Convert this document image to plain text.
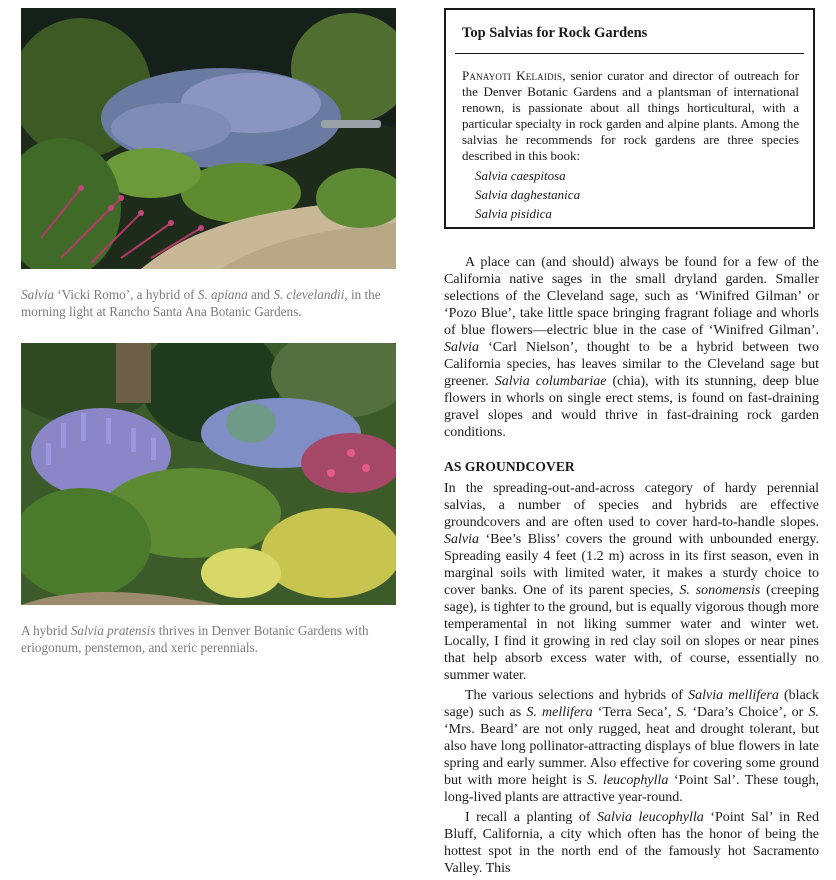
Salvia ‘Vicki Romo’, a hybrid of S. apiana and S. clevelandii, in the morning light at Rancho Santa Ana Botanic Gardens.
A hybrid Salvia pratensis thrives in Denver Botanic Gardens with eriogonum, penstemon, and xeric perennials.
Top Salvias for Rock Gardens
Panayoti Kelaidis, senior curator and director of outreach for the Denver Botanic Gardens and a plantsman of international renown, is passionate about all things horticultural, with a particular specialty in rock garden and alpine plants. Among the salvias he recommends for rock gardens are three species described in this book:
Salvia caespitosa
Salvia daghestanica
Salvia pisidica

A place can (and should) always be found for a few of the California native sages in the small dryland garden. Smaller selections of the Cleveland sage, such as ‘Winifred Gilman’ or ‘Pozo Blue’, take little space bringing fragrant foliage and whorls of blue flowers—electric blue in the case of ‘Winifred Gilman’. Salvia ‘Carl Nielson’, thought to be a hybrid between two California species, has leaves similar to the Cleveland sage but greener. Salvia columbariae (chia), with its stunning, deep blue flowers in whorls on single erect stems, is found on fast-draining gravel slopes and would thrive in fast-draining rock garden conditions.

AS GROUNDCOVER

In the spreading-out-and-across category of hardy perennial salvias, a number of species and hybrids are effective groundcovers and are often used to cover hard-to-handle slopes. Salvia ‘Bee’s Bliss’ covers the ground with unbounded energy. Spreading easily 4 feet (1.2 m) across in its first season, even in marginal soils with limited water, it makes a sturdy choice to cover banks. One of its parent species, S. sonomensis (creeping sage), is tighter to the ground, but is equally vigorous though more temperamental in not liking summer water and winter wet. Locally, I find it growing in red clay soil on slopes or near pines that help absorb excess water with, of course, essentially no summer water.

The various selections and hybrids of Salvia mellifera (black sage) such as S. mellifera ‘Terra Seca’, S. ‘Dara’s Choice’, or S. ‘Mrs. Beard’ are not only rugged, heat and drought tolerant, but also have long pollinator-attracting displays of blue flowers in late spring and early summer. Also effective for covering some ground but with more height is S. leucophylla ‘Point Sal’. These tough, long-lived plants are attractive year-round.

I recall a planting of Salvia leucophylla ‘Point Sal’ in Red Bluff, California, a city which often has the honor of being the hottest spot in the north end of the famously hot Sacramento Valley. This
